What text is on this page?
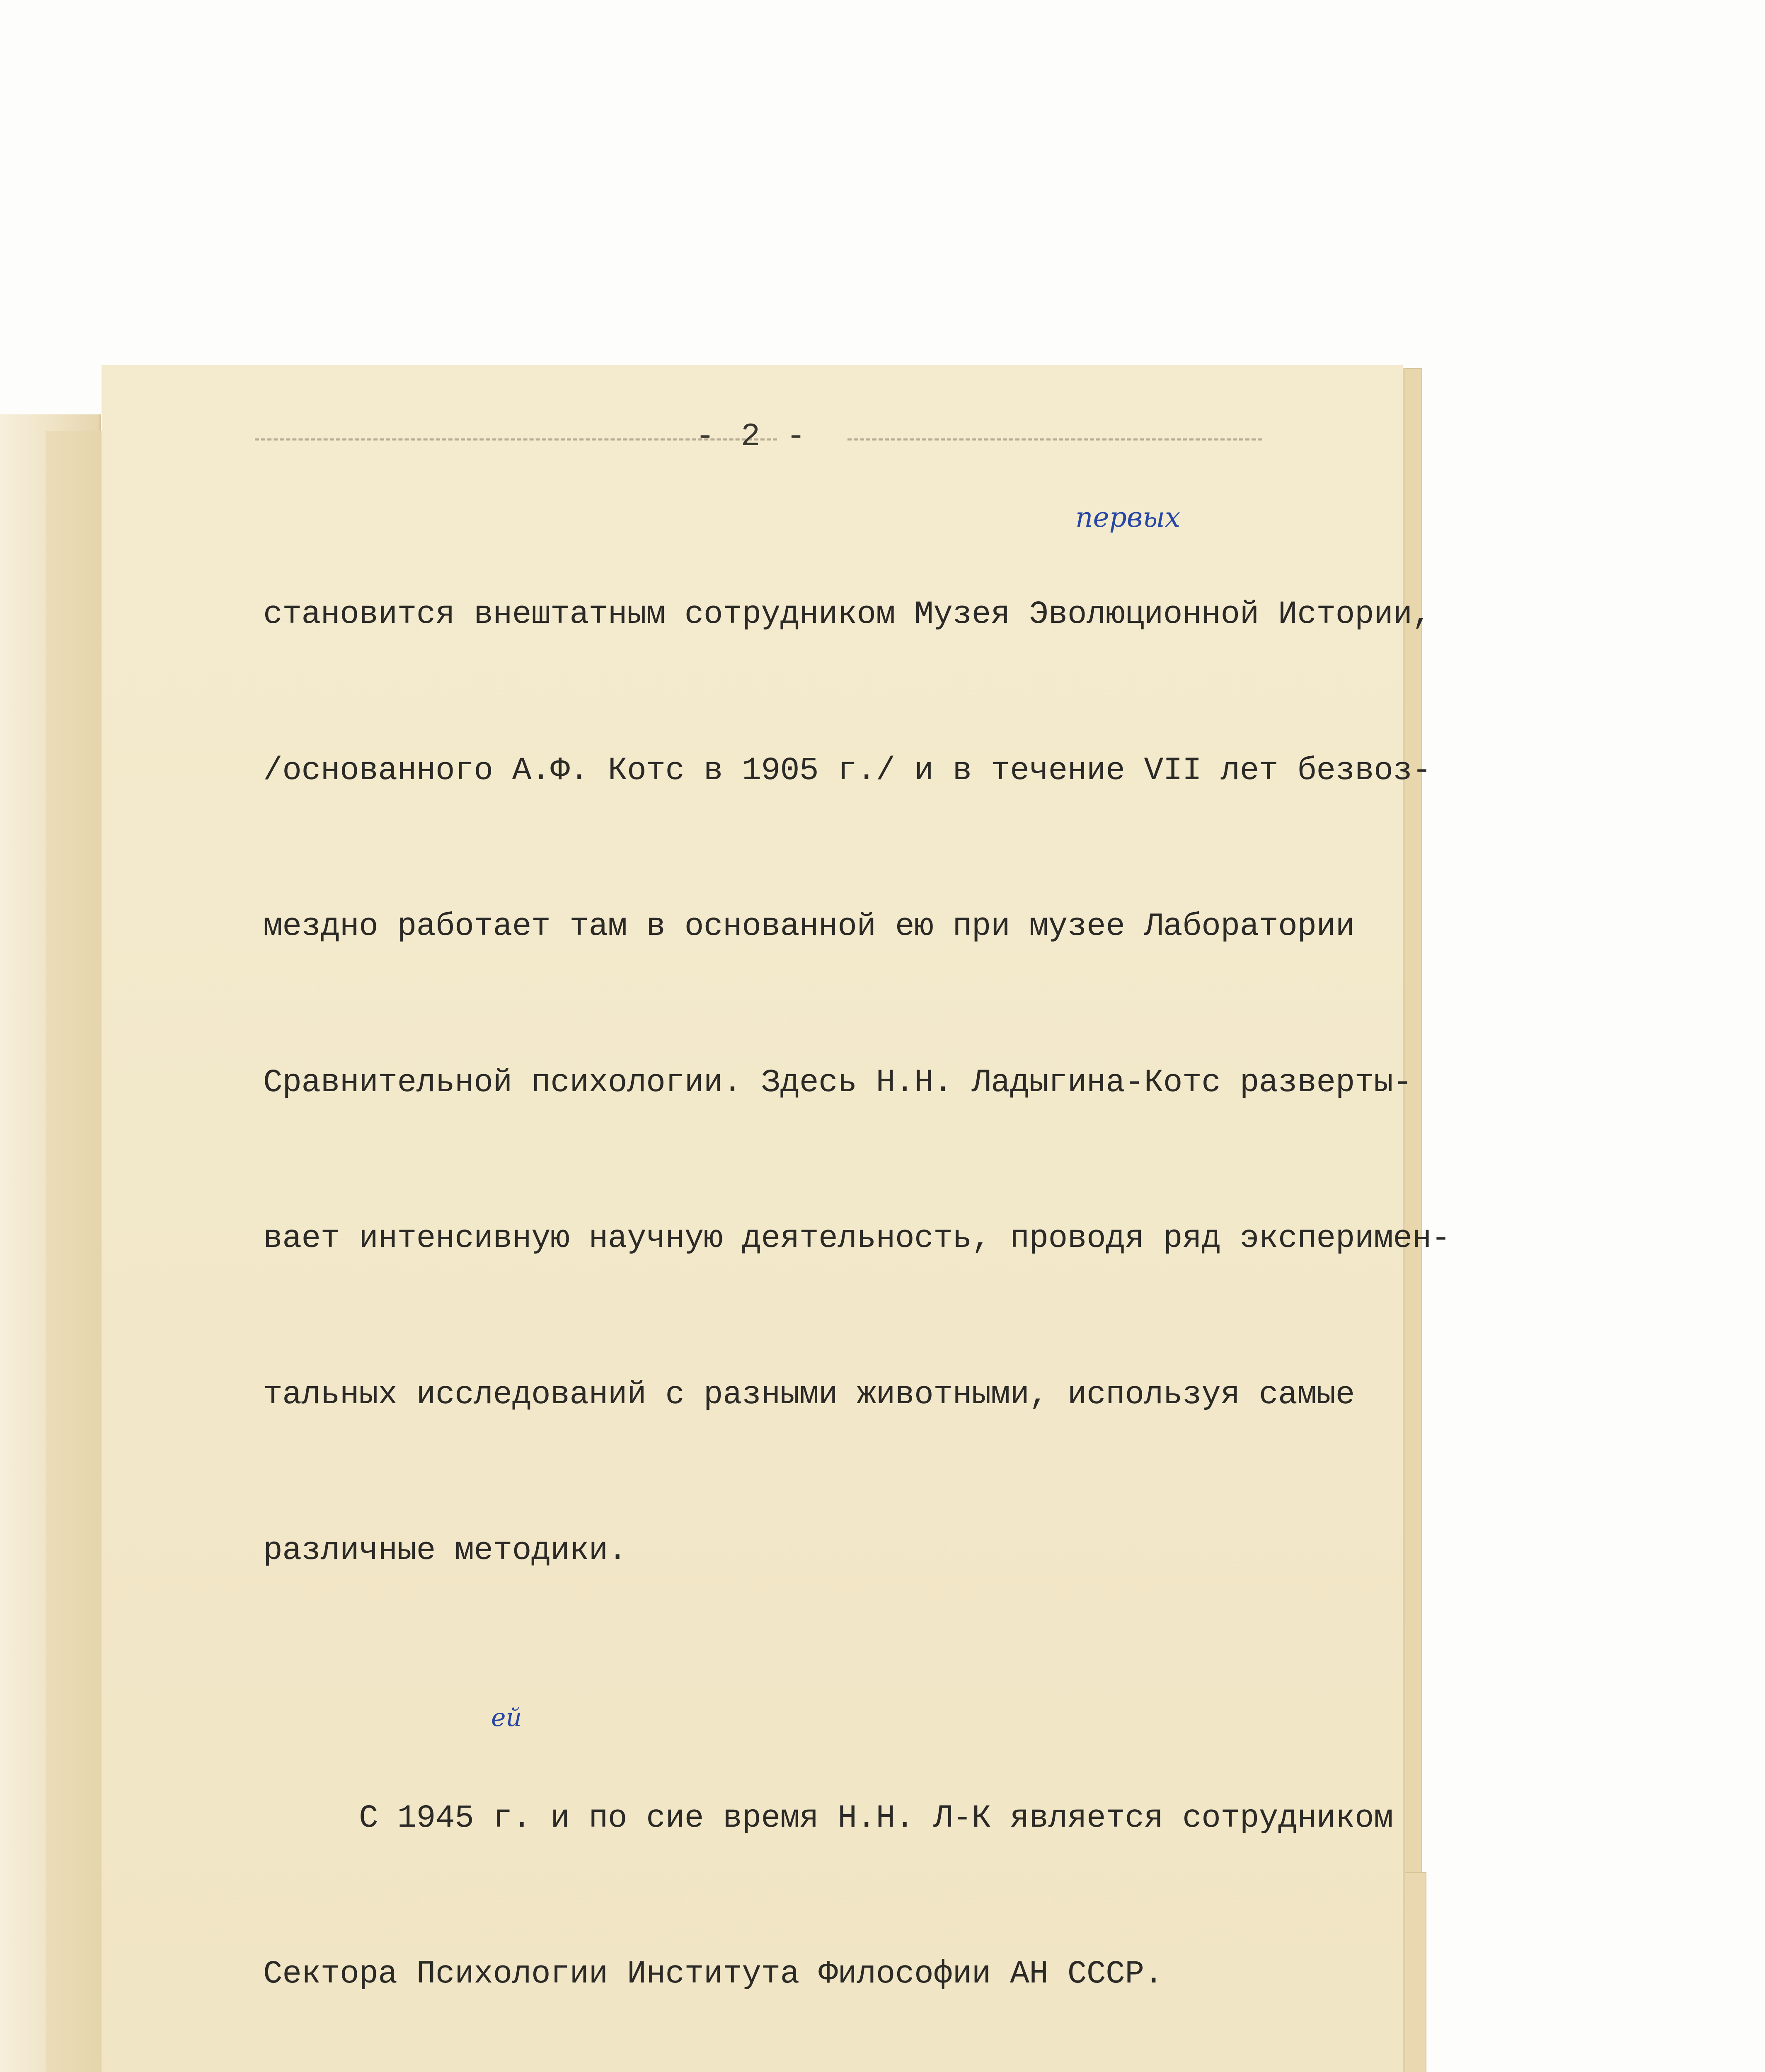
- 2 -
первых
ей

становится внештатным сотрудником Музея Эволюционной Истории,

/основанного А.Ф. Котс в 1905 г./ и в течение VII лет безвоз-

мездно работает там в основанной ею при музее Лаборатории

Сравнительной психологии. Здесь Н.Н. Ладыгина-Котс разверты-

вает интенсивную научную деятельность, проводя ряд эксперимен-

тальных исследований с разными животными, используя самые

различные методики.

С 1945 г. и по сие время Н.Н. Л-К является сотрудником

Сектора Психологии Института Философии АН СССР.
